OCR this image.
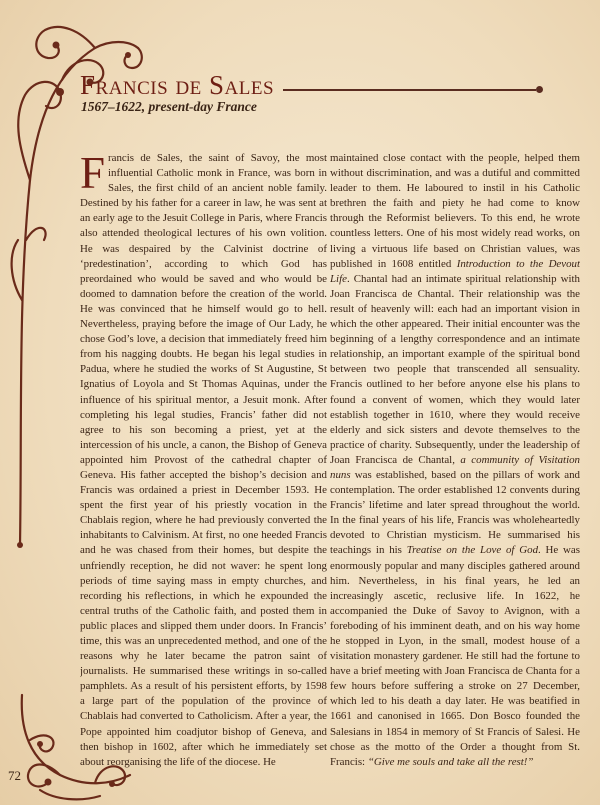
Francis de Sales
1567–1622, present-day France

Francis de Sales, the saint of Savoy, the most influential Catholic monk in France, was born in Sales, the first child of an ancient noble family. Destined by his father for a career in law, he was sent at an early age to the Jesuit College in Paris, where Francis also attended theological lectures of his own volition. He was despaired by the Calvinist doctrine of ‘predestination’, according to which God has preordained who would be saved and who would be doomed to damnation before the creation of the world. He was convinced that he himself would go to hell. Nevertheless, praying before the image of Our Lady, he chose God’s love, a decision that immediately freed him from his nagging doubts. He began his legal studies in Padua, where he studied the works of St Augustine, St Ignatius of Loyola and St Thomas Aquinas, under the influence of his spiritual mentor, a Jesuit monk. After completing his legal studies, Francis’ father did not agree to his son becoming a priest, yet at the intercession of his uncle, a canon, the Bishop of Geneva appointed him Provost of the cathedral chapter of Geneva. His father accepted the bishop’s decision and Francis was ordained a priest in December 1593. He spent the first year of his priestly vocation in the Chablais region, where he had previously converted the inhabitants to Calvinism. At first, no one heeded Francis and he was chased from their homes, but despite the unfriendly reception, he did not waver: he spent long periods of time saying mass in empty churches, and recording his reflections, in which he expounded the central truths of the Catholic faith, and posted them in public places and slipped them under doors. In Francis’ time, this was an unprecedented method, and one of the reasons why he later became the patron saint of journalists. He summarised these writings in so-called pamphlets. As a result of his persistent efforts, by 1598 a large part of the population of the province of Chablais had converted to Catholicism. After a year, the Pope appointed him coadjutor bishop of Geneva, and then bishop in 1602, after which he immediately set about reorganising the life of the diocese. He

maintained close contact with the people, helped them without discrimination, and was a dutiful and committed leader to them. He laboured to instil in his Catholic brethren the faith and piety he had come to know through the Reformist believers. To this end, he wrote countless letters. One of his most widely read works, on living a virtuous life based on Christian values, was published in 1608 entitled Introduction to the Devout Life. Chantal had an intimate spiritual relationship with Joan Francisca de Chantal. Their relationship was the result of heavenly will: each had an important vision in which the other appeared. Their initial encounter was the beginning of a lengthy correspondence and an intimate relationship, an important example of the spiritual bond between two people that transcended all sensuality. Francis outlined to her before anyone else his plans to found a convent of women, which they would later establish together in 1610, where they would receive elderly and sick sisters and devote themselves to the practice of charity. Subsequently, under the leadership of Joan Francisca de Chantal, a community of Visitation nuns was established, based on the pillars of work and contemplation. The order established 12 convents during Francis’ lifetime and later spread throughout the world. In the final years of his life, Francis was wholeheartedly devoted to Christian mysticism. He summarised his teachings in his Treatise on the Love of God. He was enormously popular and many disciples gathered around him. Nevertheless, in his final years, he led an increasingly ascetic, reclusive life. In 1622, he accompanied the Duke of Savoy to Avignon, with a foreboding of his imminent death, and on his way home he stopped in Lyon, in the small, modest house of a visitation monastery gardener. He still had the fortune to have a brief meeting with Joan Francisca de Chanta for a few hours before suffering a stroke on 27 December, which led to his death a day later. He was beatified in 1661 and canonised in 1665. Don Bosco founded the Salesians in 1854 in memory of St Francis of Salesi. He chose as the motto of the Order a thought from St. Francis: “Give me souls and take all the rest!”

72
